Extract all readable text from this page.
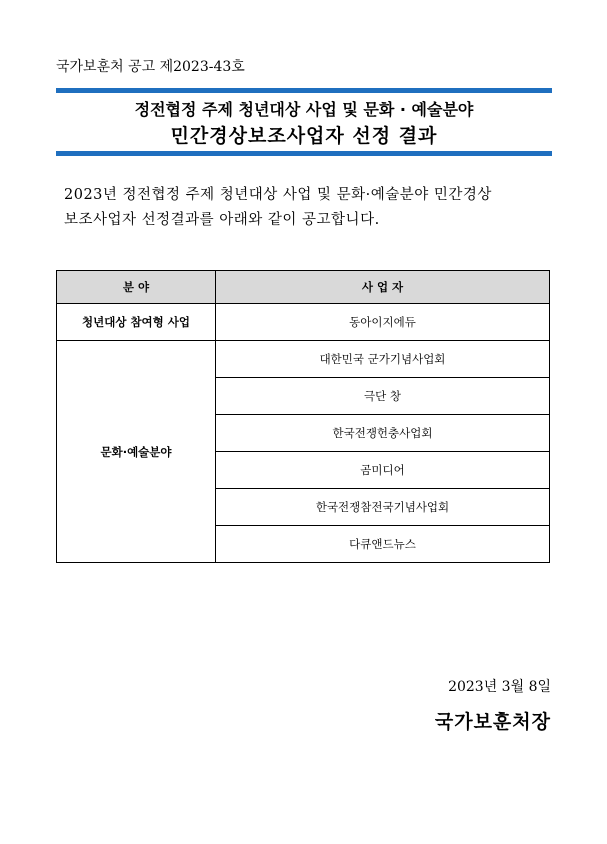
국가보훈처 공고 제2023-43호
정전협정 주제 청년대상 사업 및 문화 · 예술분야
민간경상보조사업자 선정 결과
2023년 정전협정 주제 청년대상 사업 및 문화·예술분야 민간경상
보조사업자 선정결과를 아래와 같이 공고합니다.
분 야	사 업 자
청년대상 참여형 사업	동아이지에듀
문화·예술분야	대한민국 군가기념사업회
	극단 창
	한국전쟁헌충사업회
	곰미디어
	한국전쟁참전국기념사업회
	다큐앤드뉴스
2023년 3월 8일
국가보훈처장
